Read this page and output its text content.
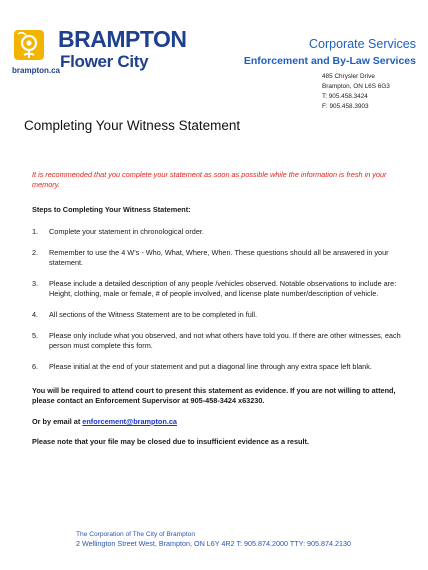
BRAMPTON
Flower City
brampton.ca
Corporate Services
Enforcement and By-Law Services
485 Chrysler Drive
Brampton, ON L6S 6G3
T: 905.458.3424
F: 905.458.3903
Completing Your Witness Statement

It is recommended that you complete your statement as soon as possible while the information is fresh in your memory.

Steps to Completing Your Witness Statement:

1. Complete your statement in chronological order.
2. Remember to use the 4 W’s - Who, What, Where, When. These questions should all be answered in your statement.
3. Please include a detailed description of any people /vehicles observed. Notable observations to include are: Height, clothing, male or female, # of people involved, and license plate number/description of vehicle.
4. All sections of the Witness Statement are to be completed in full.
5. Please only include what you observed, and not what others have told you. If there are other witnesses, each person must complete this form.
6. Please initial at the end of your statement and put a diagonal line through any extra space left blank.

You will be required to attend court to present this statement as evidence. If you are not willing to attend, please contact an Enforcement Supervisor at 905-458-3424 x63230.

Or by email at enforcement@brampton.ca

Please note that your file may be closed due to insufficient evidence as a result.

The Corporation of The City of Brampton
2 Wellington Street West, Brampton, ON L6Y 4R2 T: 905.874.2000 TTY: 905.874.2130
